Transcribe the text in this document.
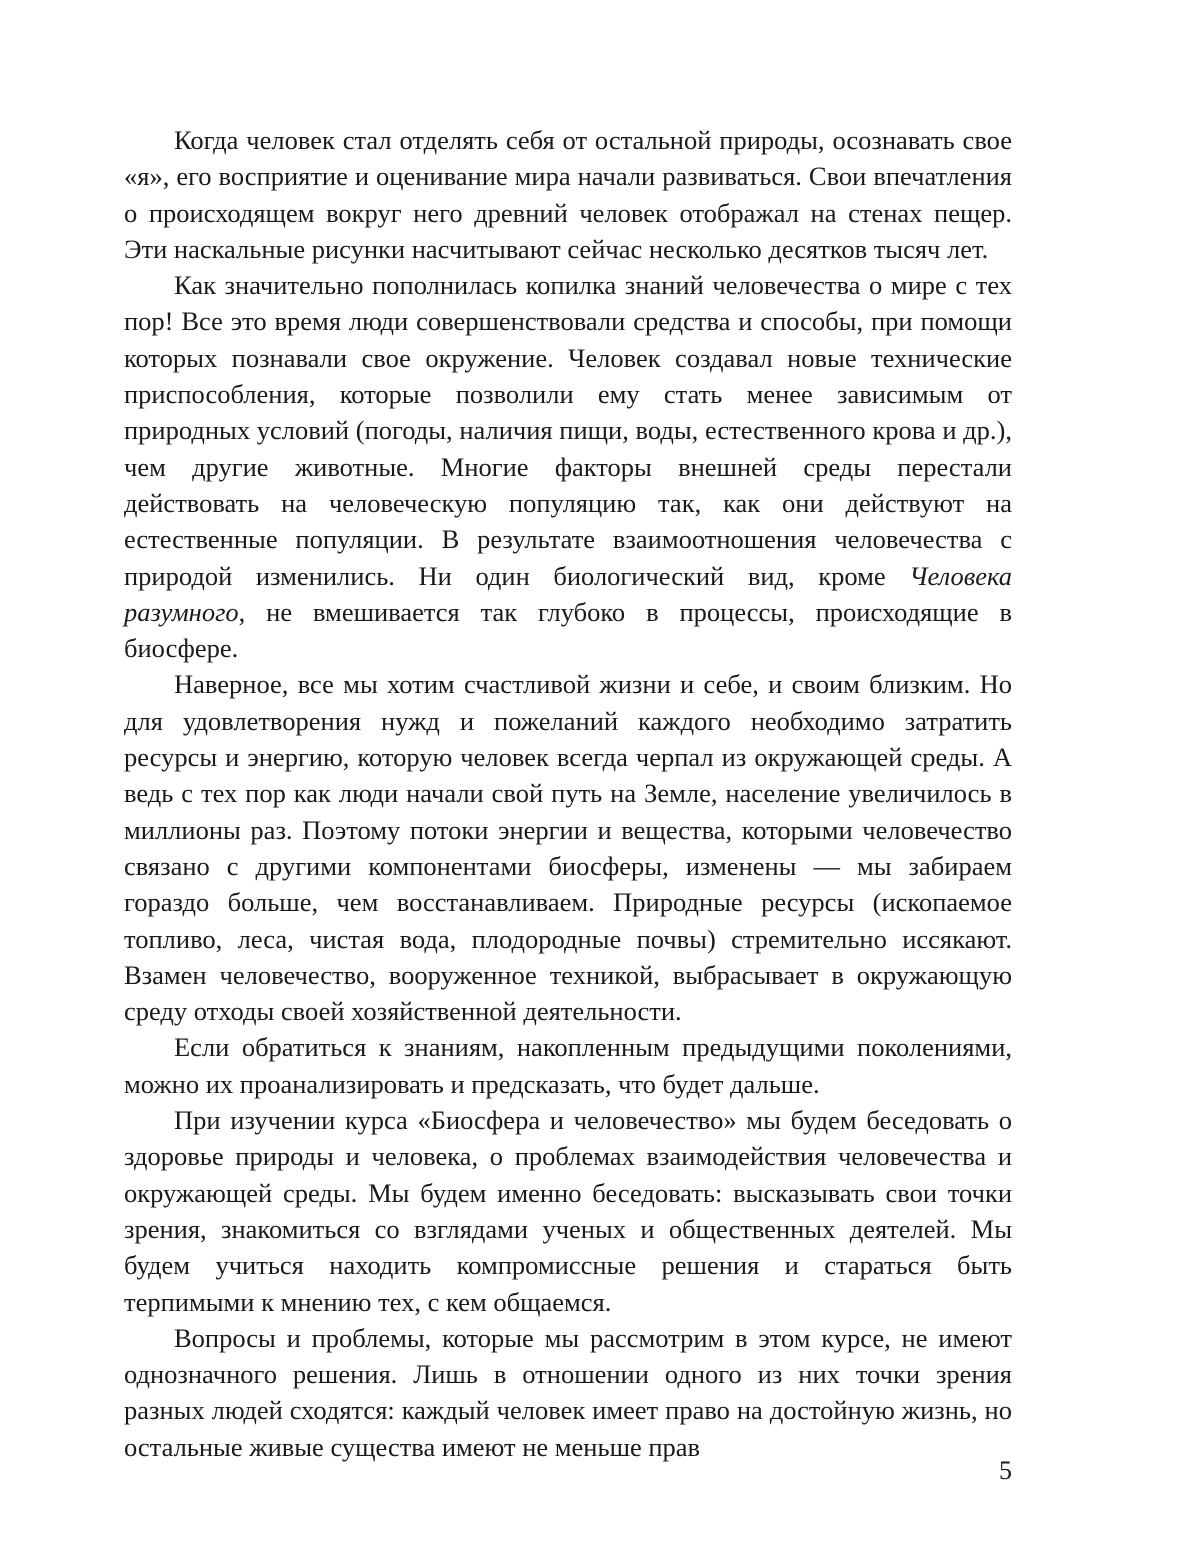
Когда человек стал отделять себя от остальной природы, осознавать свое «я», его восприятие и оценивание мира начали развиваться. Свои впечатления о происходящем вокруг него древний человек отображал на стенах пещер. Эти наскальные рисунки насчитывают сейчас несколько десятков тысяч лет.

Как значительно пополнилась копилка знаний человечества о мире с тех пор! Все это время люди совершенствовали средства и способы, при помощи которых познавали свое окружение. Человек создавал новые технические приспособления, которые позволили ему стать менее зависимым от природных условий (погоды, наличия пищи, воды, естественного крова и др.), чем другие животные. Многие факторы внешней среды перестали действовать на человеческую популяцию так, как они действуют на естественные популяции. В результате взаимоотношения человечества с природой изменились. Ни один биологический вид, кроме Человека разумного, не вмешивается так глубоко в процессы, происходящие в биосфере.

Наверное, все мы хотим счастливой жизни и себе, и своим близким. Но для удовлетворения нужд и пожеланий каждого необходимо затратить ресурсы и энергию, которую человек всегда черпал из окружающей среды. А ведь с тех пор как люди начали свой путь на Земле, население увеличилось в миллионы раз. Поэтому потоки энергии и вещества, которыми человечество связано с другими компонентами биосферы, изменены — мы забираем гораздо больше, чем восстанавливаем. Природные ресурсы (ископаемое топливо, леса, чистая вода, плодородные почвы) стремительно иссякают. Взамен человечество, вооруженное техникой, выбрасывает в окружающую среду отходы своей хозяйственной деятельности.

Если обратиться к знаниям, накопленным предыдущими поколениями, можно их проанализировать и предсказать, что будет дальше.

При изучении курса «Биосфера и человечество» мы будем беседовать о здоровье природы и человека, о проблемах взаимодействия человечества и окружающей среды. Мы будем именно беседовать: высказывать свои точки зрения, знакомиться со взглядами ученых и общественных деятелей. Мы будем учиться находить компромиссные решения и стараться быть терпимыми к мнению тех, с кем общаемся.

Вопросы и проблемы, которые мы рассмотрим в этом курсе, не имеют однозначного решения. Лишь в отношении одного из них точки зрения разных людей сходятся: каждый человек имеет право на достойную жизнь, но остальные живые существа имеют не меньше прав

5
